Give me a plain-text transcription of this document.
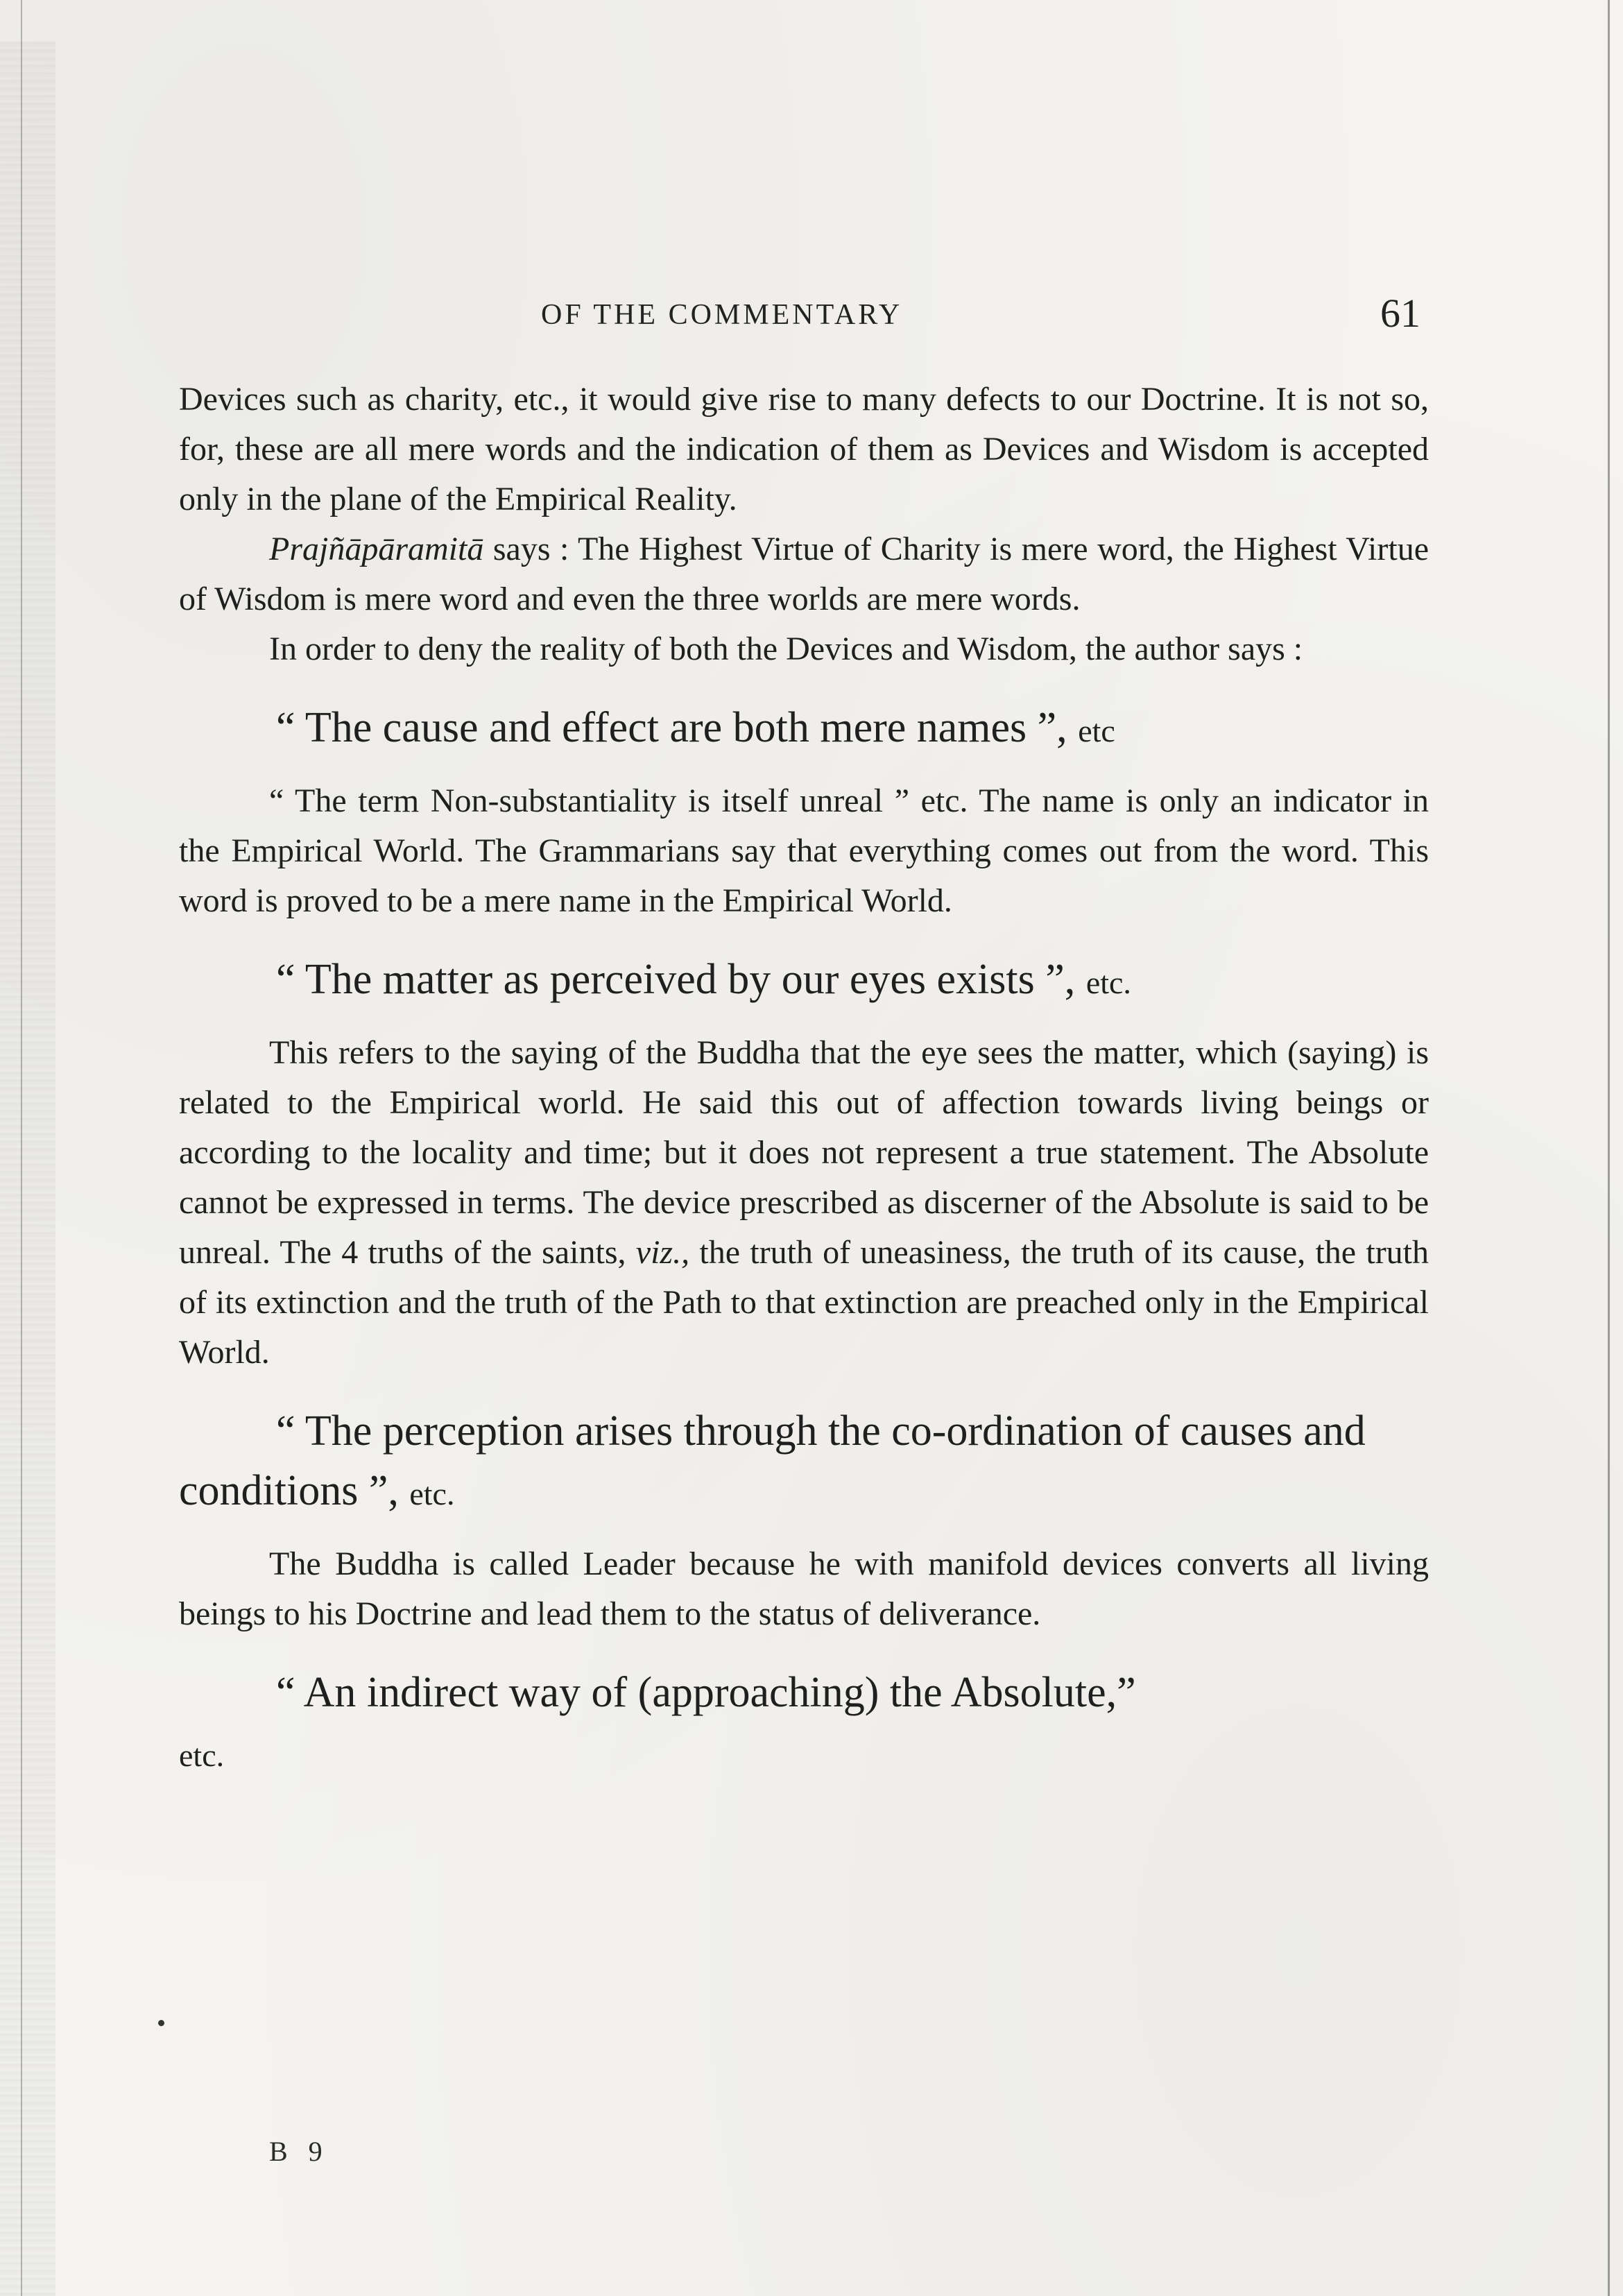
OF THE COMMENTARY	61

Devices such as charity, etc., it would give rise to many defects to our Doctrine. It is not so, for, these are all mere words and the indication of them as Devices and Wisdom is accepted only in the plane of the Empirical Reality.

Prajñāpāramitā says : The Highest Virtue of Charity is mere word, the Highest Virtue of Wisdom is mere word and even the three worlds are mere words.

In order to deny the reality of both the Devices and Wisdom, the author says :

“ The cause and effect are both mere names ”, etc

“ The term Non-substantiality is itself unreal ” etc. The name is only an indicator in the Empirical World. The Grammarians say that everything comes out from the word. This word is proved to be a mere name in the Empirical World.

“ The matter as perceived by our eyes exists ”, etc.

This refers to the saying of the Buddha that the eye sees the matter, which (saying) is related to the Empirical world. He said this out of affection towards living beings or according to the locality and time; but it does not represent a true statement. The Absolute cannot be expressed in terms. The device prescribed as discerner of the Absolute is said to be unreal. The 4 truths of the saints, viz., the truth of uneasiness, the truth of its cause, the truth of its extinction and the truth of the Path to that extinction are preached only in the Empirical World.

“ The perception arises through the co-ordination of causes and conditions ”, etc.

The Buddha is called Leader because he with manifold devices converts all living beings to his Doctrine and lead them to the status of deliverance.

“ An indirect way of (approaching) the Absolute,”
etc.

B 9
